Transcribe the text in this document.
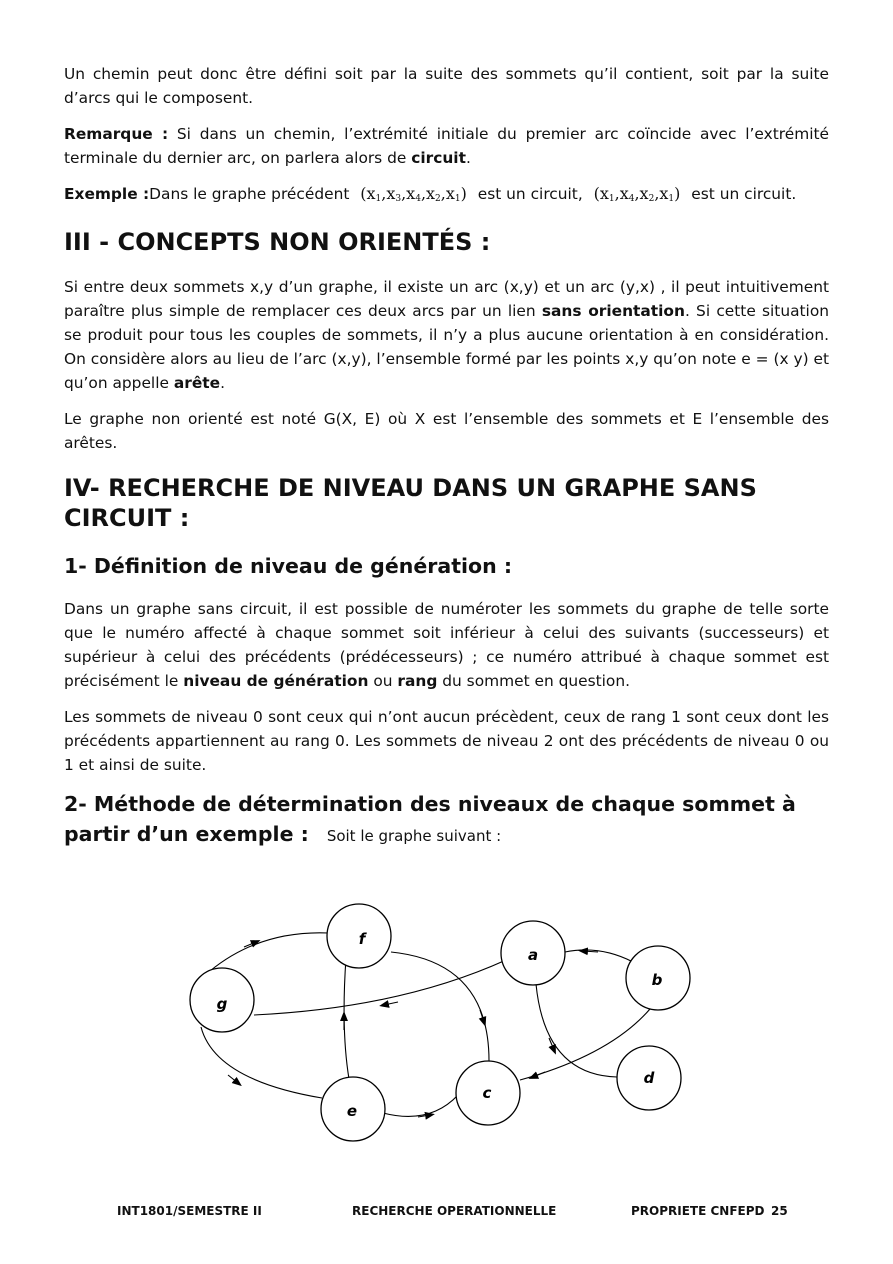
Un chemin peut donc être défini soit par la suite des sommets qu’il contient, soit par la suite d’arcs qui le composent.

Remarque : Si dans un chemin, l’extrémité initiale du premier arc coïncide avec l’extrémité terminale du dernier arc, on parlera alors de circuit.

Exemple :Dans le graphe précédent $(x_1,x_3,x_4,x_2,x_1)$ est un circuit, $(x_1,x_4,x_2,x_1)$ est un circuit.

III - CONCEPTS NON ORIENTÉS :

Si entre deux sommets x,y d’un graphe, il existe un arc (x,y) et un arc (y,x) , il peut intuitivement paraître plus simple de remplacer ces deux arcs par un lien sans orientation. Si cette situation se produit pour tous les couples de sommets, il n’y a plus aucune orientation à en considération. On considère alors au lieu de l’arc (x,y), l’ensemble formé par les points x,y qu’on note e = (x y) et qu’on appelle arête.

Le graphe non orienté est noté G(X, E) où X est l’ensemble des sommets et E l’ensemble des arêtes.

IV- RECHERCHE DE NIVEAU DANS UN GRAPHE SANS CIRCUIT :
1- Définition de niveau de génération :

Dans un graphe sans circuit, il est possible de numéroter les sommets du graphe de telle sorte que le numéro affecté à chaque sommet soit inférieur à celui des suivants (successeurs) et supérieur à celui des précédents (prédécesseurs) ; ce numéro attribué à chaque sommet est précisément le niveau de génération ou rang du sommet en question.

Les sommets de niveau 0 sont ceux qui n’ont aucun précèdent, ceux de rang 1 sont ceux dont les précédents appartiennent au rang 0. Les sommets de niveau 2 ont des précédents de niveau 0 ou 1 et ainsi de suite.

2- Méthode de détermination des niveaux de chaque sommet à partir d’un exemple : Soit le graphe suivant :
f
a
b
g
d
c
e
INT1801/SEMESTRE II	RECHERCHE OPERATIONNELLE	PROPRIETE CNFEPD 25
